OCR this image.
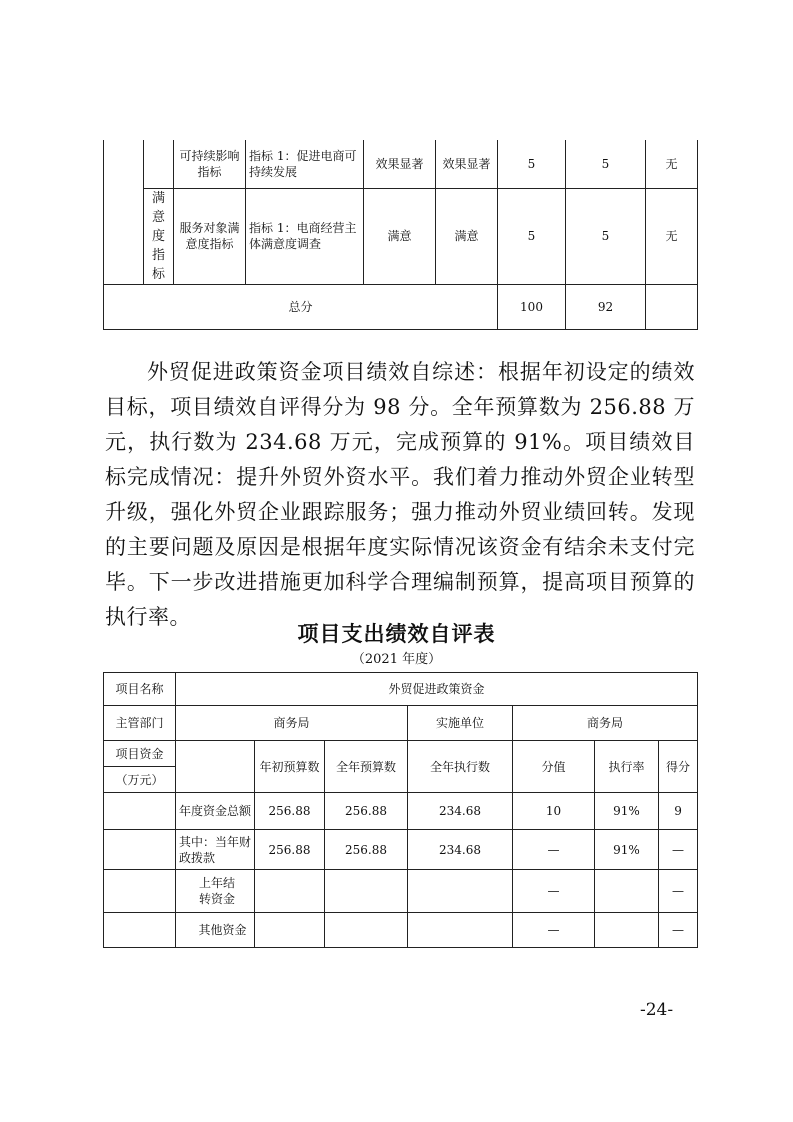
		可持续影响指标	指标 1：促进电商可持续发展	效果显著	效果显著	5	5	无
	满意度指标	服务对象满意度指标	指标 1：电商经营主体满意度调查	满意	满意	5	5	无
总分						100	92	

外贸促进政策资金项目绩效自综述：根据年初设定的绩效目标，项目绩效自评得分为 98 分。全年预算数为 256.88 万元，执行数为 234.68 万元，完成预算的 91%。项目绩效目标完成情况：提升外贸外资水平。我们着力推动外贸企业转型升级，强化外贸企业跟踪服务；强力推动外贸业绩回转。发现的主要问题及原因是根据年度实际情况该资金有结余未支付完毕。下一步改进措施更加科学合理编制预算，提高项目预算的执行率。

项目支出绩效自评表
（2021 年度）
项目名称	外贸促进政策资金						
主管部门	商务局			实施单位	商务局		
项目资金		年初预算数	全年预算数	全年执行数	分值	执行率	得分
（万元）							
	年度资金总额	256.88	256.88	234.68	10	91%	9
	其中：当年财政拨款	256.88	256.88	234.68	—	91%	—
	上年结转资金				—		—
	其他资金				—		—
-24-
